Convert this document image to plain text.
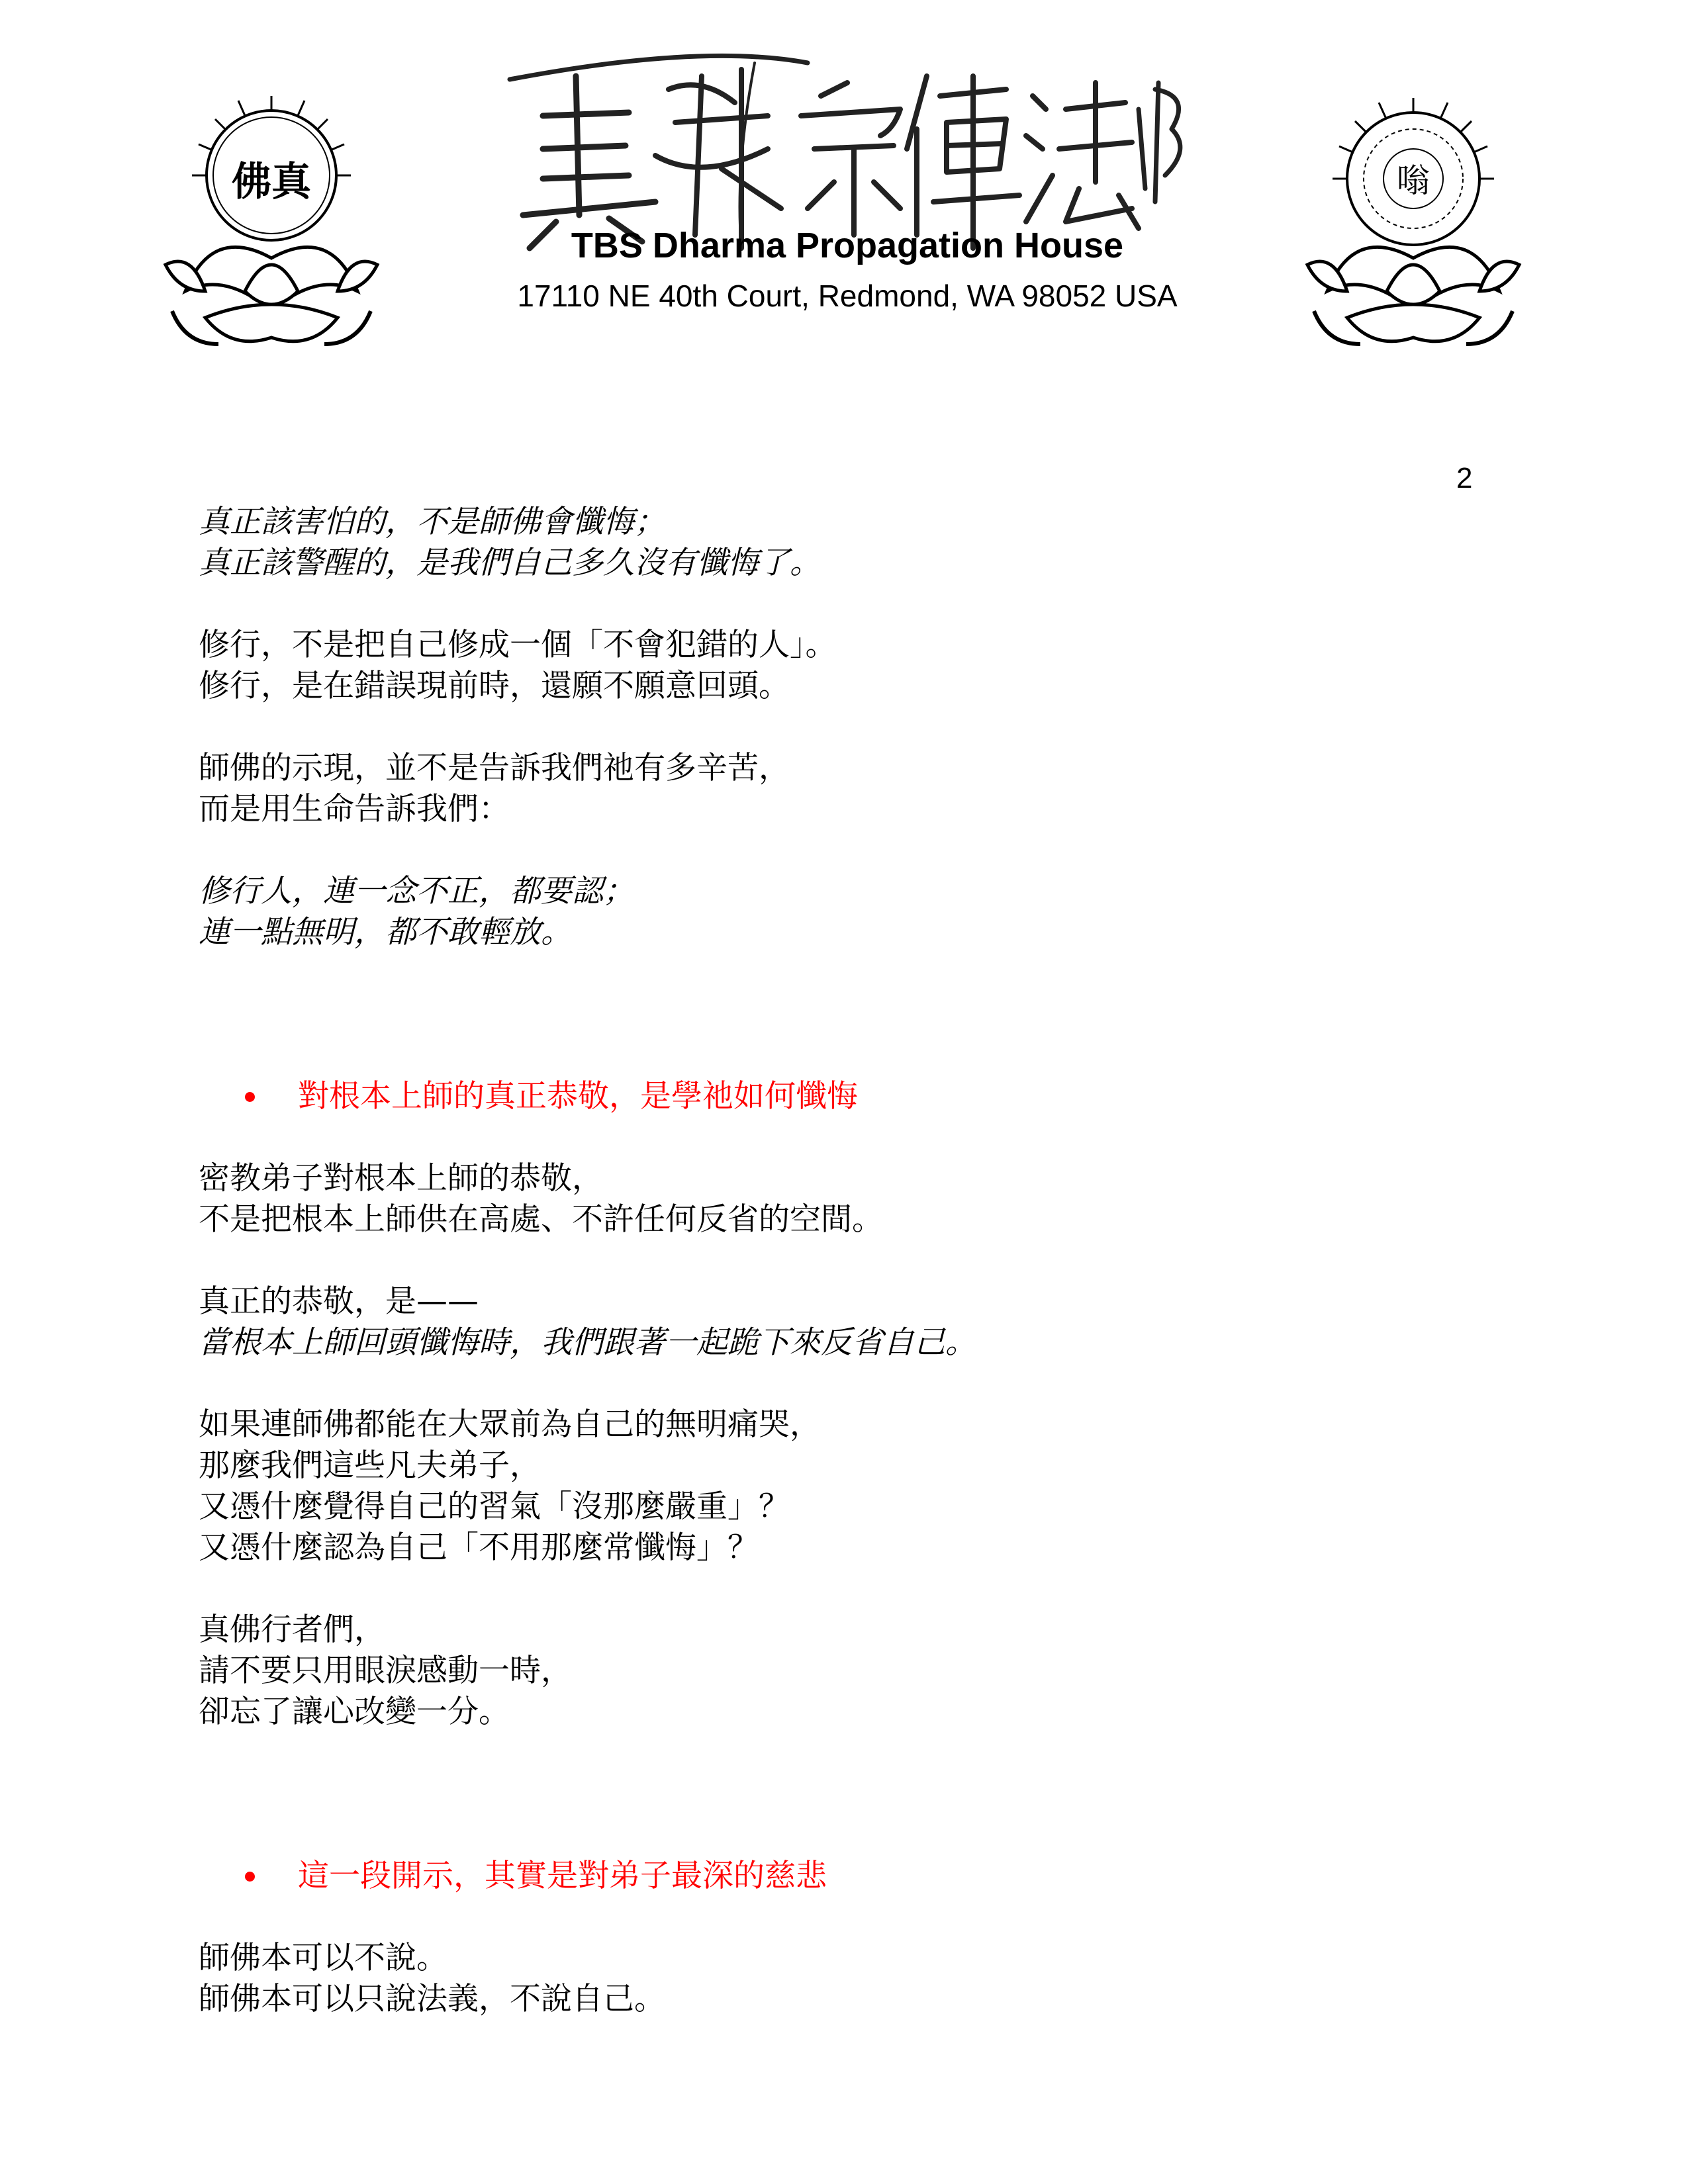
佛真
TBS Dharma Propagation House
17110 NE 40th Court, Redmond, WA 98052 USA
嗡
2
真正該害怕的，不是師佛會懺悔；
真正該警醒的，是我們自己多久沒有懺悔了。
修行，不是把自己修成一個「不會犯錯的人」。
修行，是在錯誤現前時，還願不願意回頭。
師佛的示現，並不是告訴我們祂有多辛苦，
而是用生命告訴我們：
修行人，連一念不正，都要認；
連一點無明，都不敢輕放。
對根本上師的真正恭敬，是學祂如何懺悔
密教弟子對根本上師的恭敬，
不是把根本上師供在高處、不許任何反省的空間。
真正的恭敬，是——
當根本上師回頭懺悔時，我們跟著一起跪下來反省自己。
如果連師佛都能在大眾前為自己的無明痛哭，
那麼我們這些凡夫弟子，
又憑什麼覺得自己的習氣「沒那麼嚴重」？
又憑什麼認為自己「不用那麼常懺悔」？
真佛行者們，
請不要只用眼淚感動一時，
卻忘了讓心改變一分。
這一段開示，其實是對弟子最深的慈悲
師佛本可以不說。
師佛本可以只說法義，不說自己。
